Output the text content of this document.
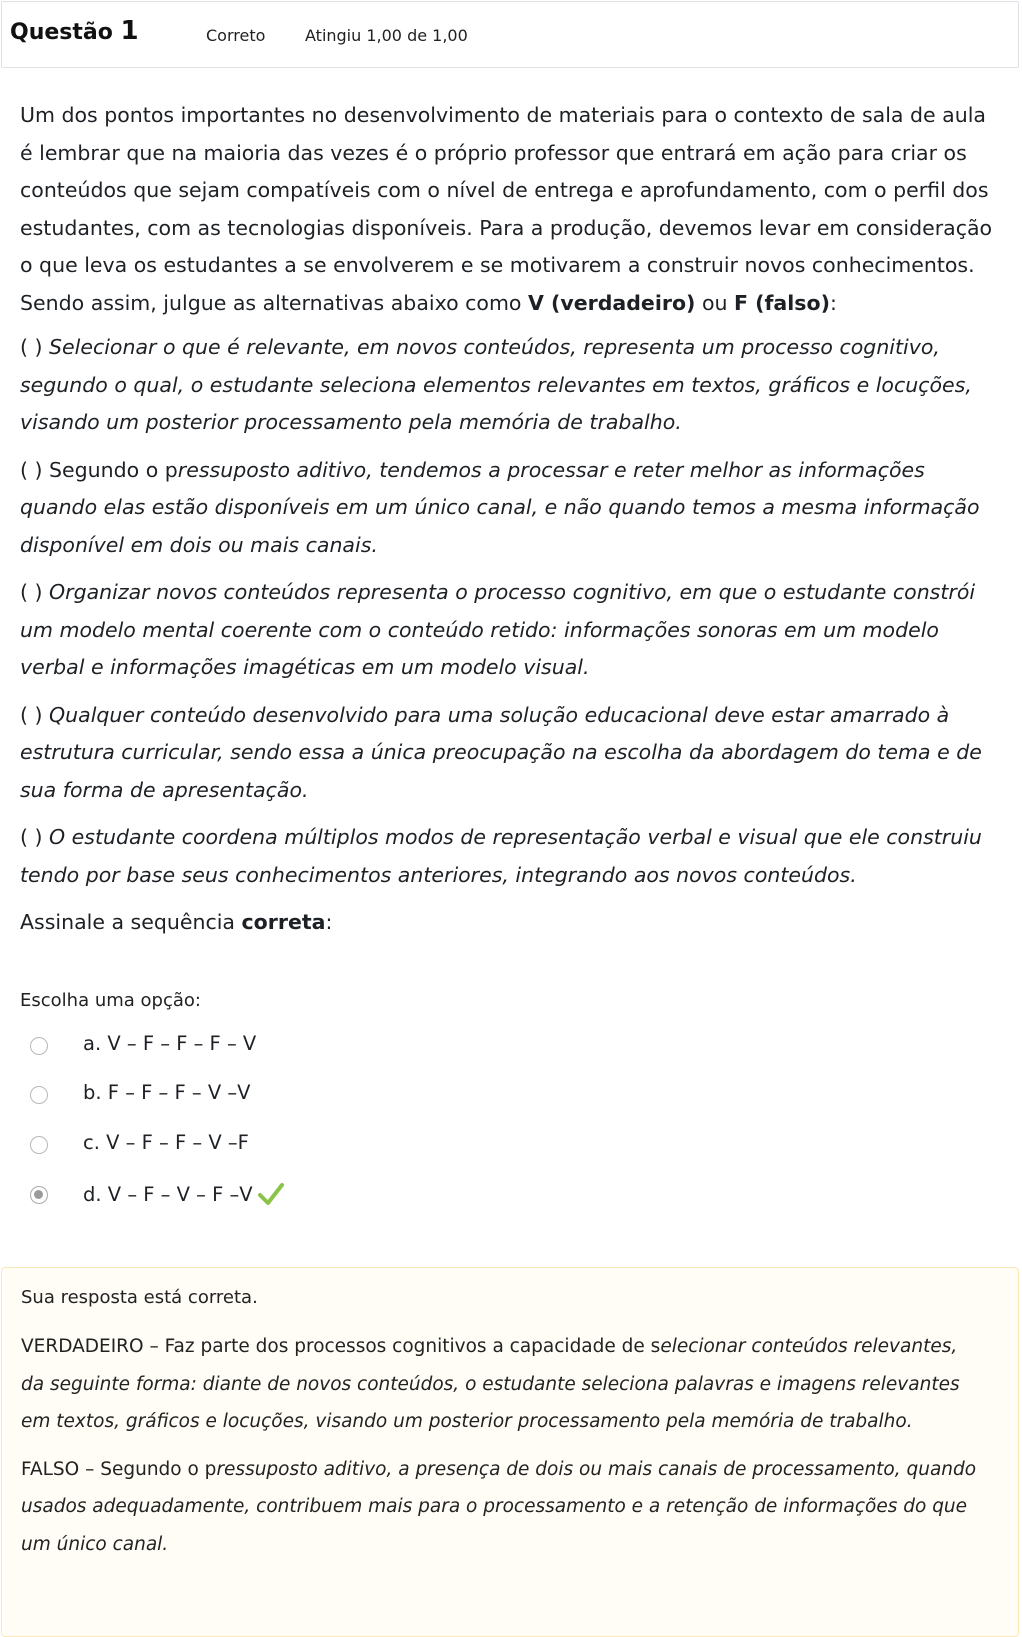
Questão 1	Correto Atingiu 1,00 de 1,00

Um dos pontos importantes no desenvolvimento de materiais para o contexto de sala de aula é lembrar que na maioria das vezes é o próprio professor que entrará em ação para criar os conteúdos que sejam compatíveis com o nível de entrega e aprofundamento, com o perfil dos estudantes, com as tecnologias disponíveis. Para a produção, devemos levar em consideração o que leva os estudantes a se envolverem e se motivarem a construir novos conhecimentos. Sendo assim, julgue as alternativas abaixo como V (verdadeiro) ou F (falso):

( ) Selecionar o que é relevante, em novos conteúdos, representa um processo cognitivo, segundo o qual, o estudante seleciona elementos relevantes em textos, gráficos e locuções, visando um posterior processamento pela memória de trabalho.

( ) Segundo o pressuposto aditivo, tendemos a processar e reter melhor as informações quando elas estão disponíveis em um único canal, e não quando temos a mesma informação disponível em dois ou mais canais.

( ) Organizar novos conteúdos representa o processo cognitivo, em que o estudante constrói um modelo mental coerente com o conteúdo retido: informações sonoras em um modelo verbal e informações imagéticas em um modelo visual.

( ) Qualquer conteúdo desenvolvido para uma solução educacional deve estar amarrado à estrutura curricular, sendo essa a única preocupação na escolha da abordagem do tema e de sua forma de apresentação.

( ) O estudante coordena múltiplos modos de representação verbal e visual que ele construiu tendo por base seus conhecimentos anteriores, integrando aos novos conteúdos.

Assinale a sequência correta:

Escolha uma opção:
a. V – F – F – F – V
b. F – F – F – V –V
c. V – F – F – V –F
d. V – F – V – F –V
Sua resposta está correta.

VERDADEIRO – Faz parte dos processos cognitivos a capacidade de selecionar conteúdos relevantes, da seguinte forma: diante de novos conteúdos, o estudante seleciona palavras e imagens relevantes em textos, gráficos e locuções, visando um posterior processamento pela memória de trabalho.

FALSO – Segundo o pressuposto aditivo, a presença de dois ou mais canais de processamento, quando usados adequadamente, contribuem mais para o processamento e a retenção de informações do que um único canal.
